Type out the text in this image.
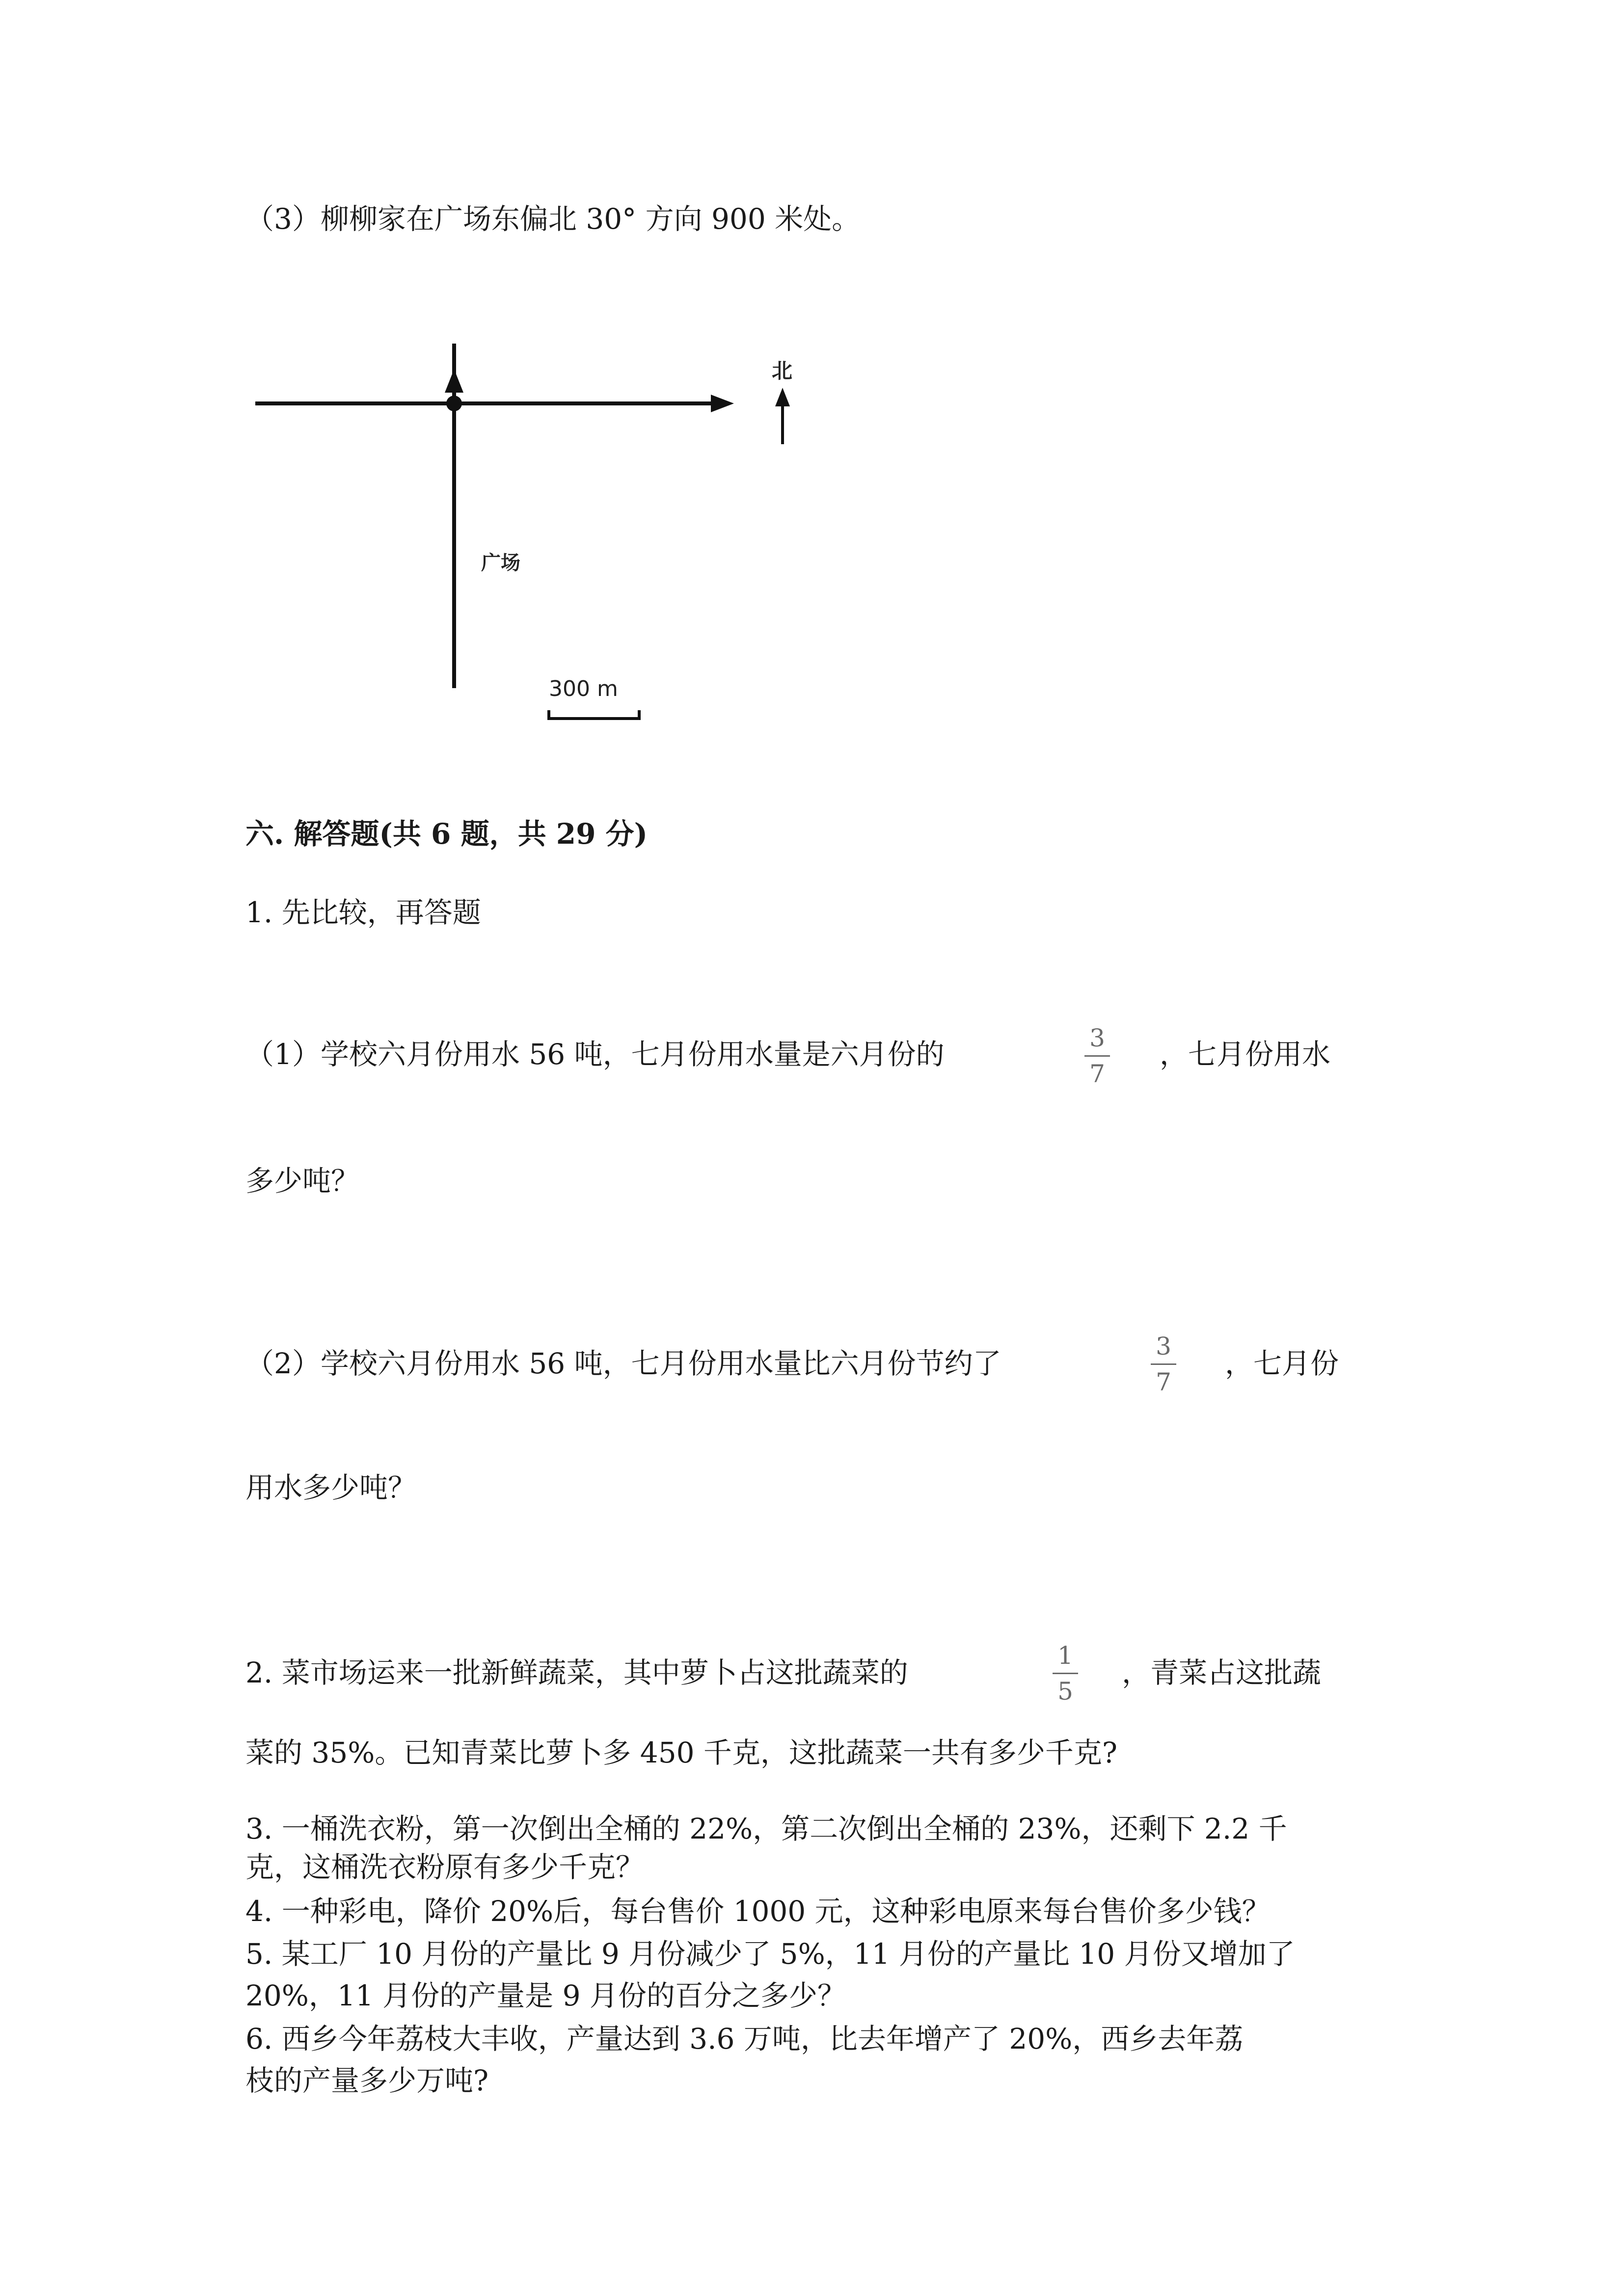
（3）柳柳家在广场东偏北 30° 方向 900 米处。
广场
北
300 m
六. 解答题(共 6 题，共 29 分)
1. 先比较，再答题
（1）学校六月份用水 56 吨，七月份用水量是六月份的	3
7
，七月份用水
多少吨？
（2）学校六月份用水 56 吨，七月份用水量比六月份节约了
3
7
，七月份
用水多少吨？
2. 菜市场运来一批新鲜蔬菜，其中萝卜占这批蔬菜的
1
5
，青菜占这批蔬
菜的 35%。已知青菜比萝卜多 450 千克，这批蔬菜一共有多少千克?
3. 一桶洗衣粉，第一次倒出全桶的 22%，第二次倒出全桶的 23%，还剩下 2.2 千
克，这桶洗衣粉原有多少千克？
4. 一种彩电，降价 20%后，每台售价 1000 元，这种彩电原来每台售价多少钱？
5. 某工厂 10 月份的产量比 9 月份减少了 5%，11 月份的产量比 10 月份又增加了
20%，11 月份的产量是 9 月份的百分之多少？
6. 西乡今年荔枝大丰收，产量达到 3.6 万吨，比去年增产了 20%，西乡去年荔
枝的产量多少万吨?
